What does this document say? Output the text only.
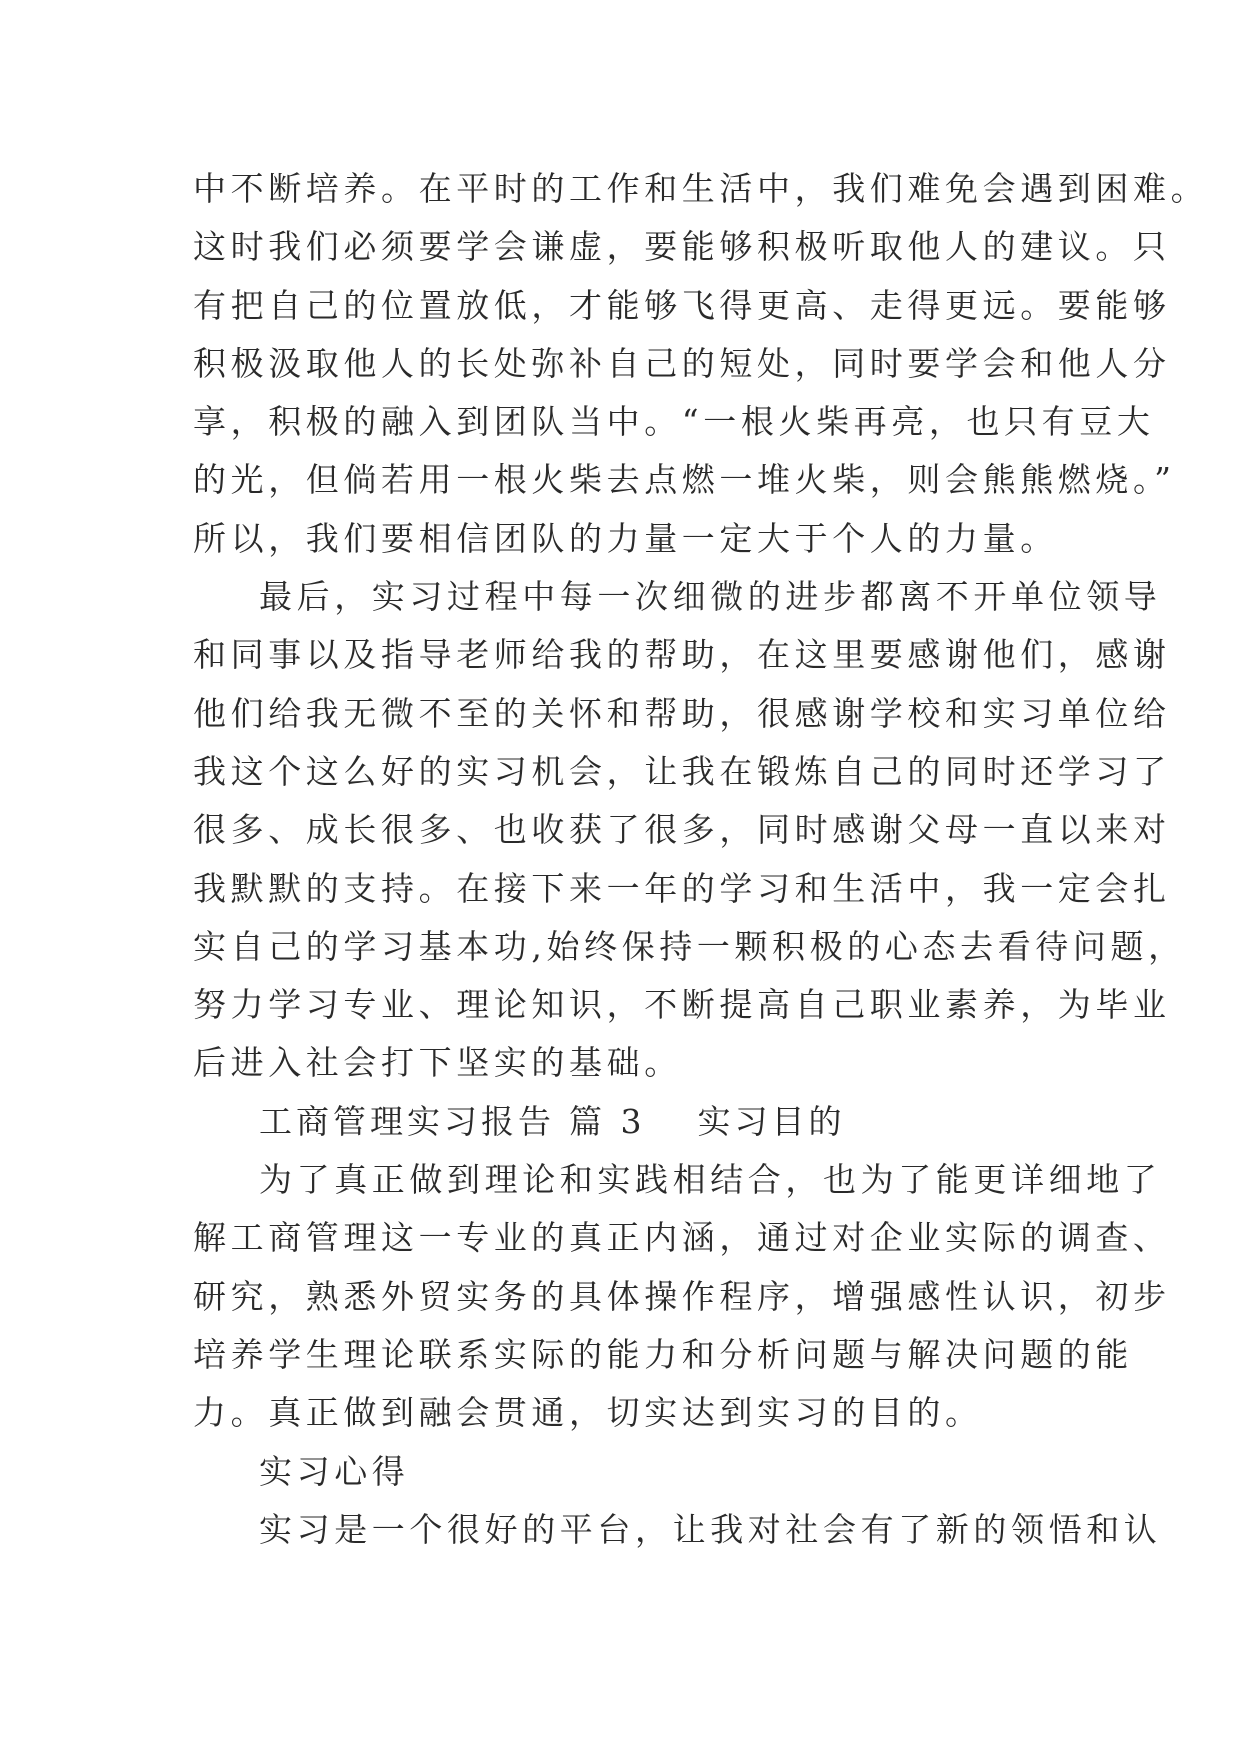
中不断培养。在平时的工作和生活中，我们难免会遇到困难。
这时我们必须要学会谦虚，要能够积极听取他人的建议。只
有把自己的位置放低，才能够飞得更高、走得更远。要能够
积极汲取他人的长处弥补自己的短处，同时要学会和他人分
享，积极的融入到团队当中。“一根火柴再亮，也只有豆大
的光，但倘若用一根火柴去点燃一堆火柴，则会熊熊燃烧。”
所以，我们要相信团队的力量一定大于个人的力量。
最后，实习过程中每一次细微的进步都离不开单位领导
和同事以及指导老师给我的帮助，在这里要感谢他们，感谢
他们给我无微不至的关怀和帮助，很感谢学校和实习单位给
我这个这么好的实习机会，让我在锻炼自己的同时还学习了
很多、成长很多、也收获了很多，同时感谢父母一直以来对
我默默的支持。在接下来一年的学习和生活中，我一定会扎
实自己的学习基本功,始终保持一颗积极的心态去看待问题，
努力学习专业、理论知识，不断提高自己职业素养，为毕业
后进入社会打下坚实的基础。
工商管理实习报告 篇 3 实习目的
为了真正做到理论和实践相结合，也为了能更详细地了
解工商管理这一专业的真正内涵，通过对企业实际的调查、
研究，熟悉外贸实务的具体操作程序，增强感性认识，初步
培养学生理论联系实际的能力和分析问题与解决问题的能
力。真正做到融会贯通，切实达到实习的目的。
实习心得
实习是一个很好的平台，让我对社会有了新的领悟和认
